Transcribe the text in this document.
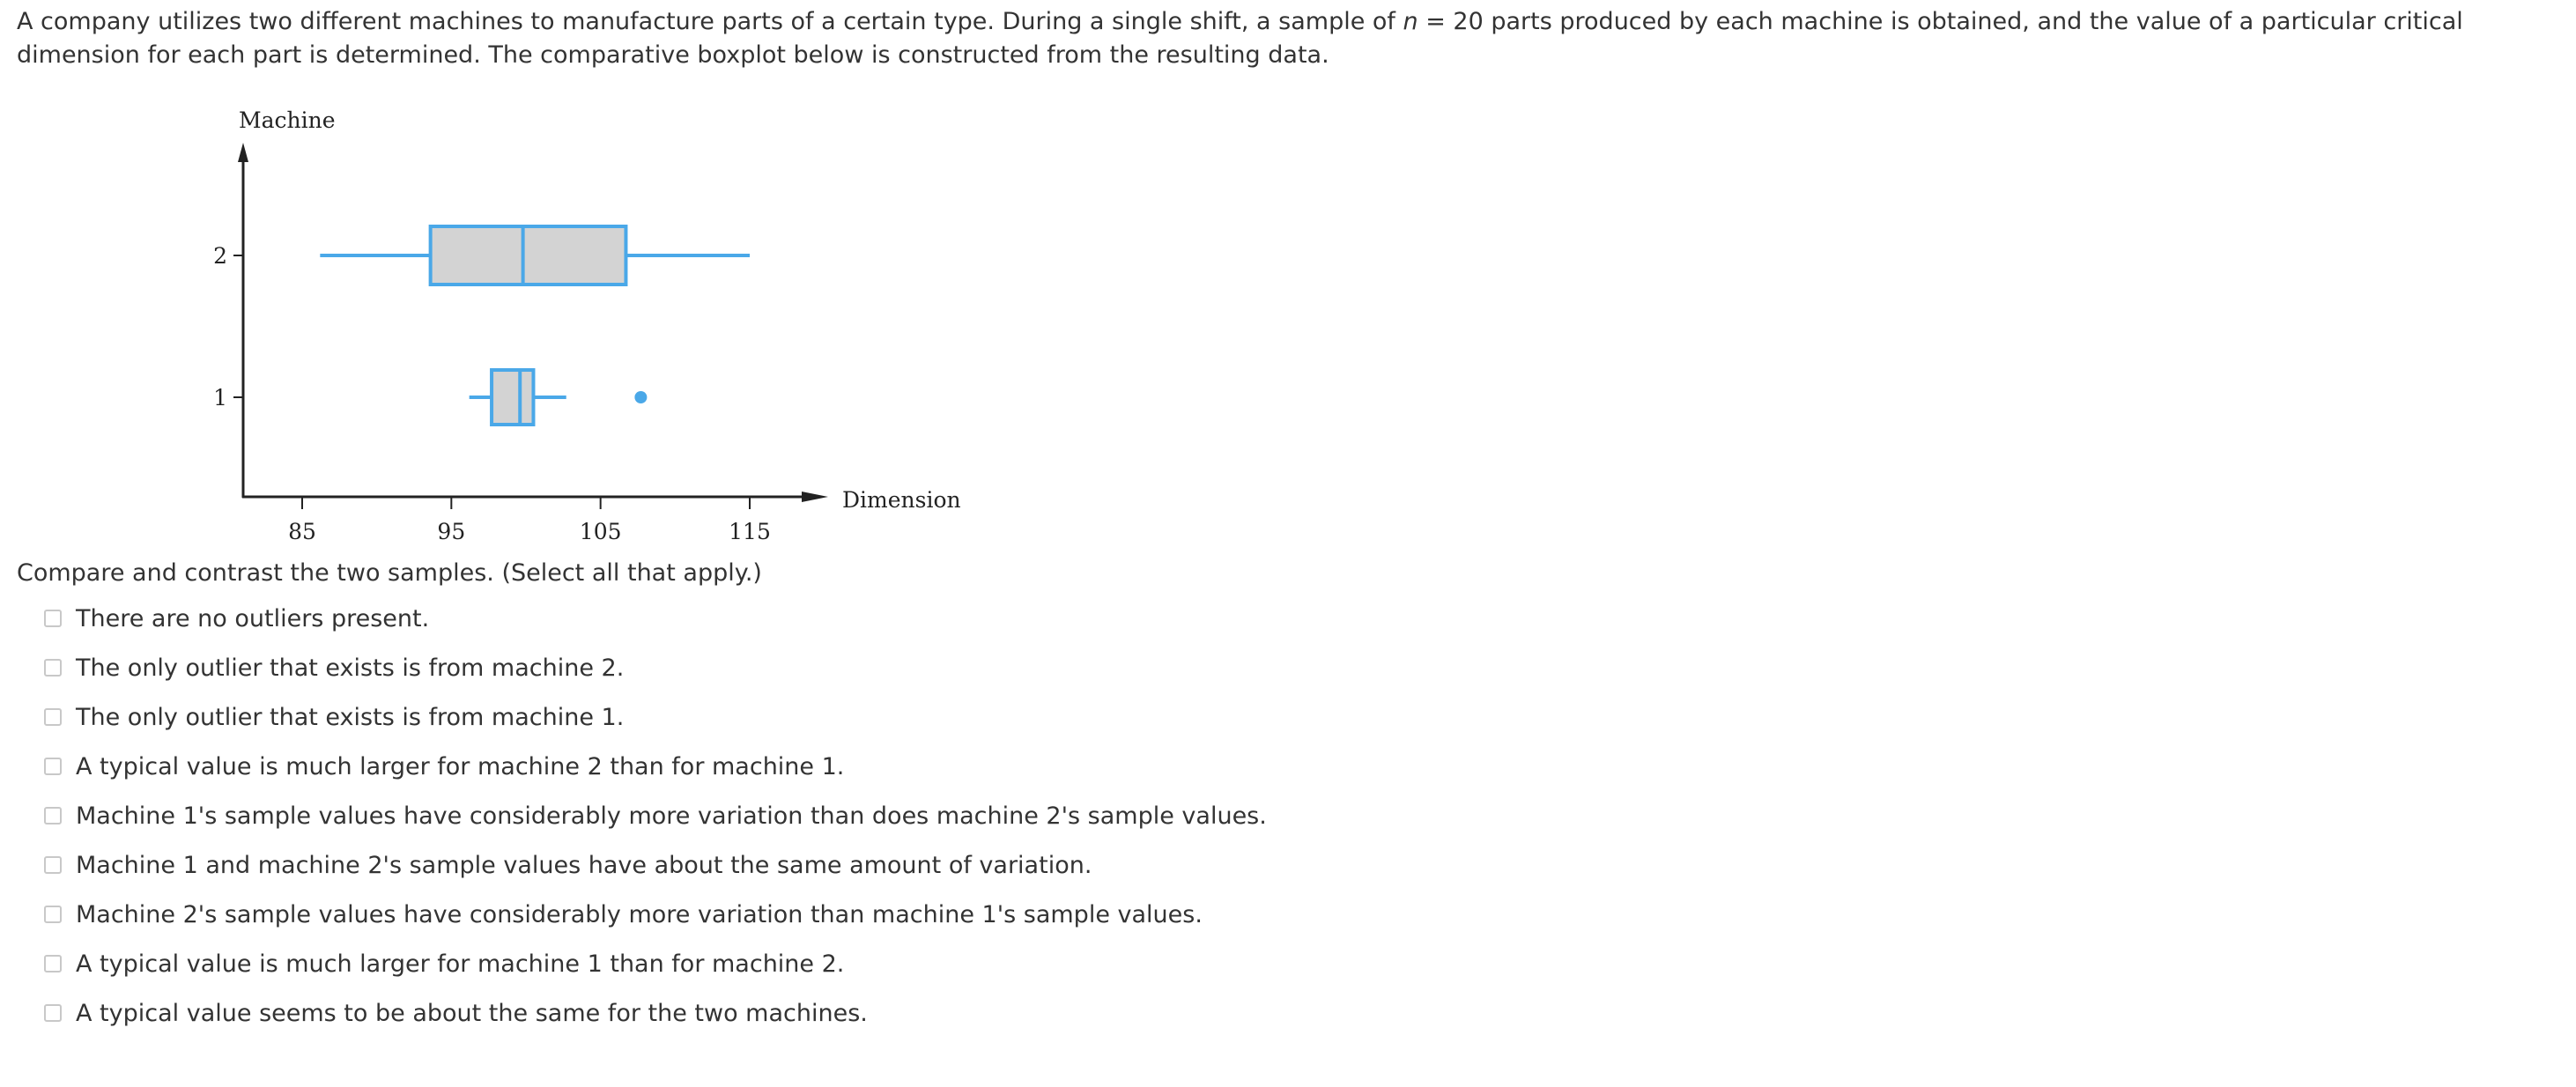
A company utilizes two different machines to manufacture parts of a certain type. During a single shift, a sample of n = 20 parts produced by each machine is obtained, and the value of a particular critical dimension for each part is determined. The comparative boxplot below is constructed from the resulting data.
Machine
Dimension
85	95	105	115
2
1
Compare and contrast the two samples. (Select all that apply.)
There are no outliers present.
The only outlier that exists is from machine 2.
The only outlier that exists is from machine 1.
A typical value is much larger for machine 2 than for machine 1.
Machine 1's sample values have considerably more variation than does machine 2's sample values.
Machine 1 and machine 2's sample values have about the same amount of variation.
Machine 2's sample values have considerably more variation than machine 1's sample values.
A typical value is much larger for machine 1 than for machine 2.
A typical value seems to be about the same for the two machines.
